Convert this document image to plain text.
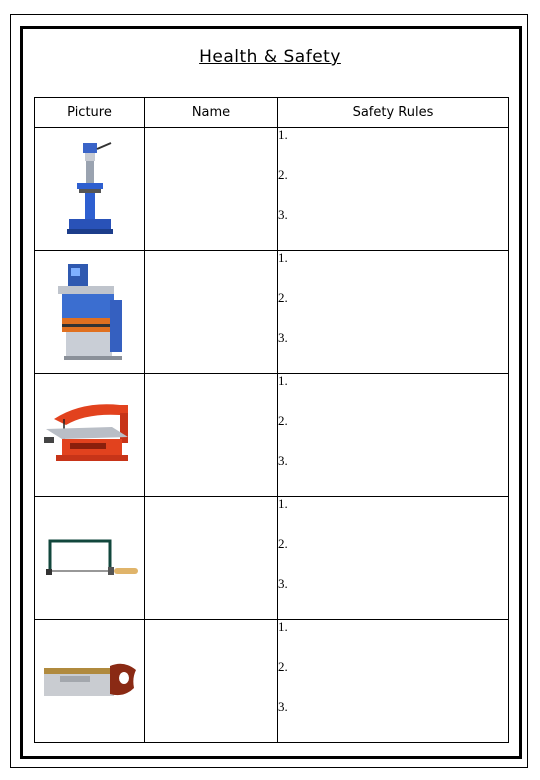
Health & Safety
Picture	Name	Safety Rules

1.
2.
3.

1.
2.
3.

1.
2.
3.

1.
2.
3.

1.
2.
3.
